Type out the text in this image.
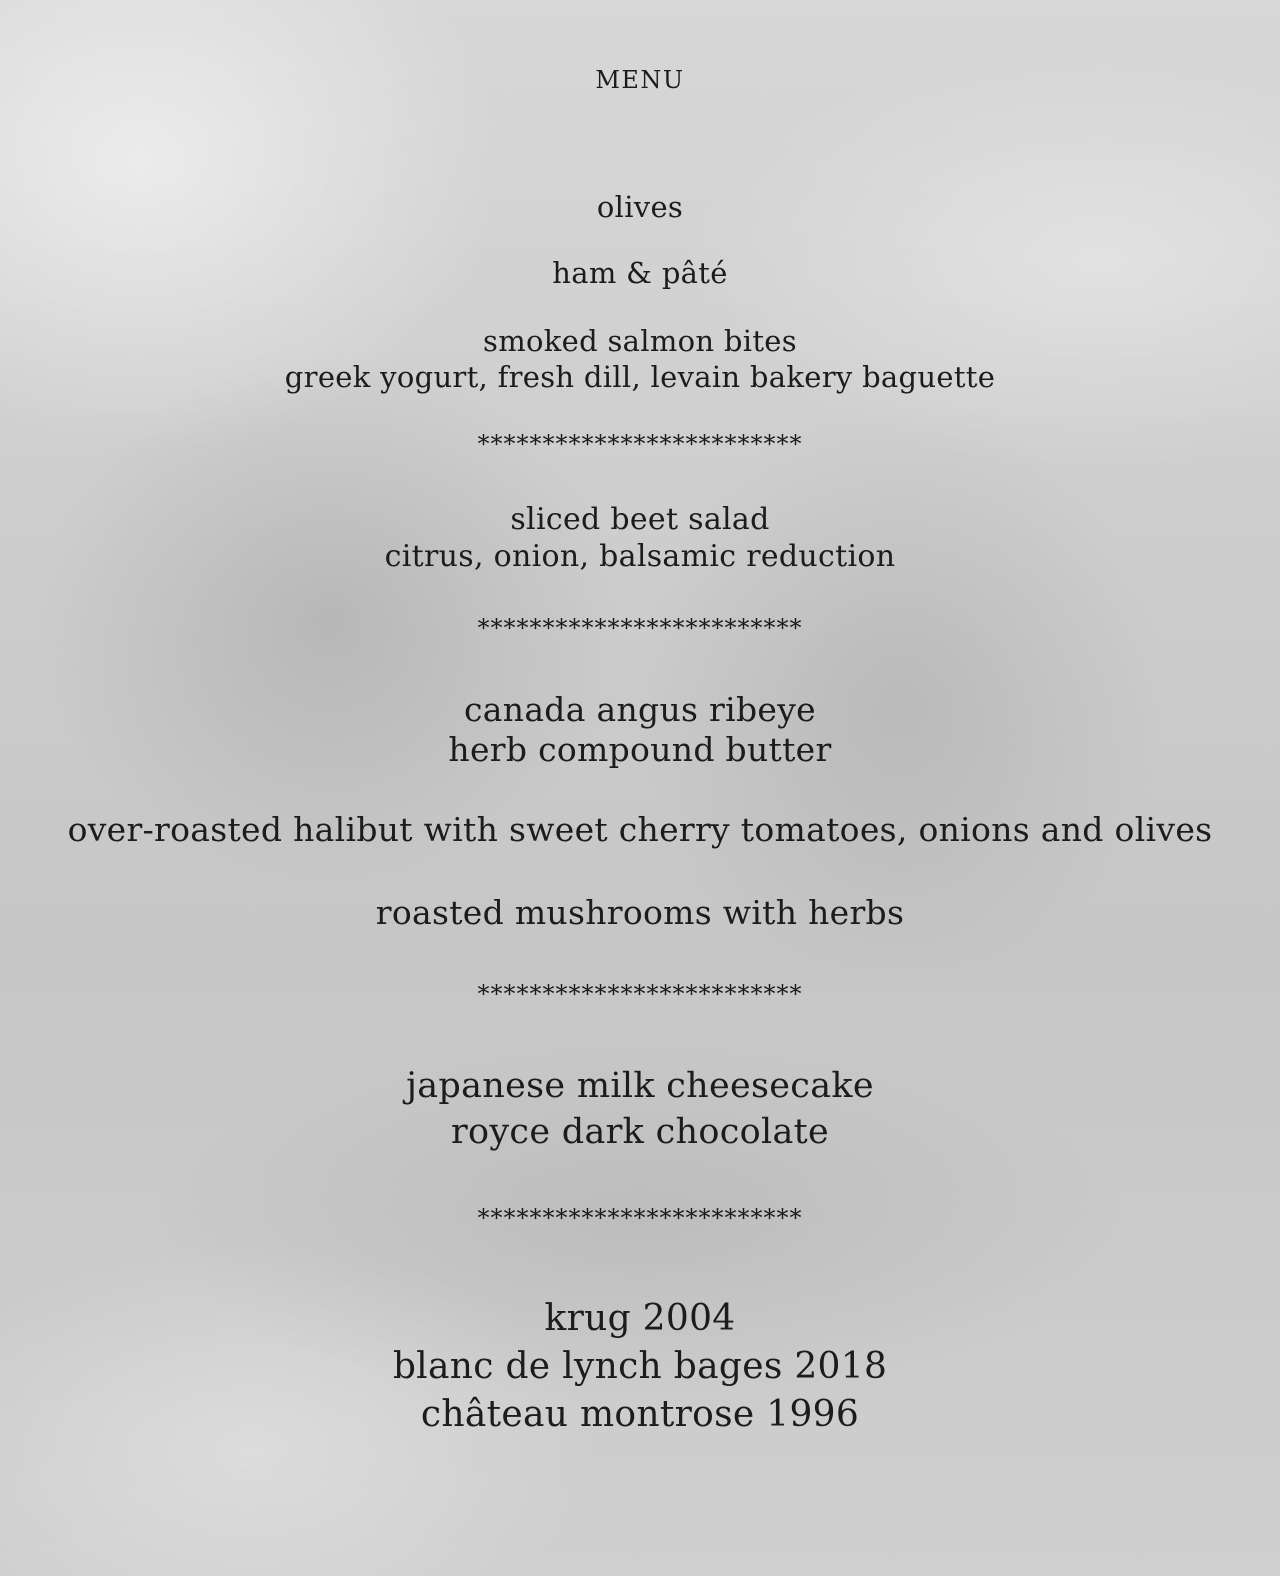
MENU
olives
ham & pâté
smoked salmon bites
greek yogurt, fresh dill, levain bakery baguette
*************************
sliced beet salad
citrus, onion, balsamic reduction
*************************
canada angus ribeye
herb compound butter
over-roasted halibut with sweet cherry tomatoes, onions and olives
roasted mushrooms with herbs
*************************
japanese milk cheesecake
royce dark chocolate
*************************
krug 2004
blanc de lynch bages 2018
château montrose 1996
